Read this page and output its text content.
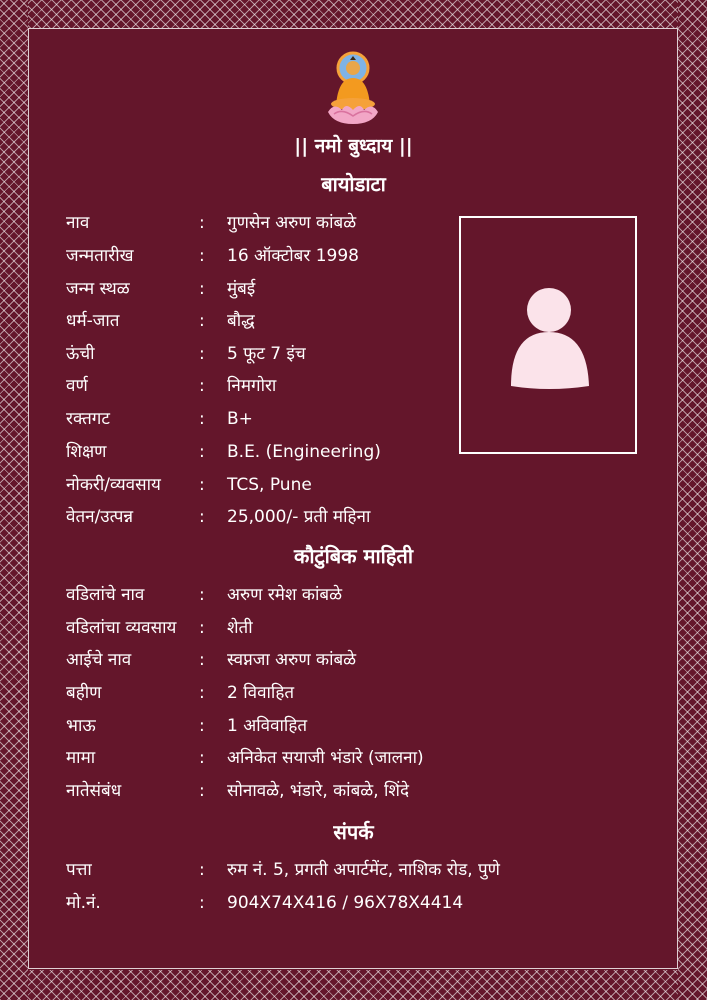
|| नमो बुध्दाय ||
बायोडाटा
नाव	: गुणसेन अरुण कांबळे
जन्मतारीख	: 16 ऑक्टोबर 1998
जन्म स्थळ	: मुंबई
धर्म-जात	: बौद्ध
ऊंची	: 5 फूट 7 इंच
वर्ण	: निमगोरा
रक्तगट	: B+
शिक्षण	: B.E. (Engineering)
नोकरी/व्यवसाय	: TCS, Pune
वेतन/उत्पन्न	: 25,000/- प्रती महिना
कौटुंबिक माहिती
वडिलांचे नाव	: अरुण रमेश कांबळे
वडिलांचा व्यवसाय	: शेती
आईचे नाव	: स्वप्नजा अरुण कांबळे
बहीण	: 2 विवाहित
भाऊ	: 1 अविवाहित
मामा	: अनिकेत सयाजी भंडारे (जालना)
नातेसंबंध	: सोनावळे, भंडारे, कांबळे, शिंदे
संपर्क
पत्ता	: रुम नं. 5, प्रगती अपार्टमेंट, नाशिक रोड, पुणे
मो.नं.	: 904X74X416 / 96X78X4414
